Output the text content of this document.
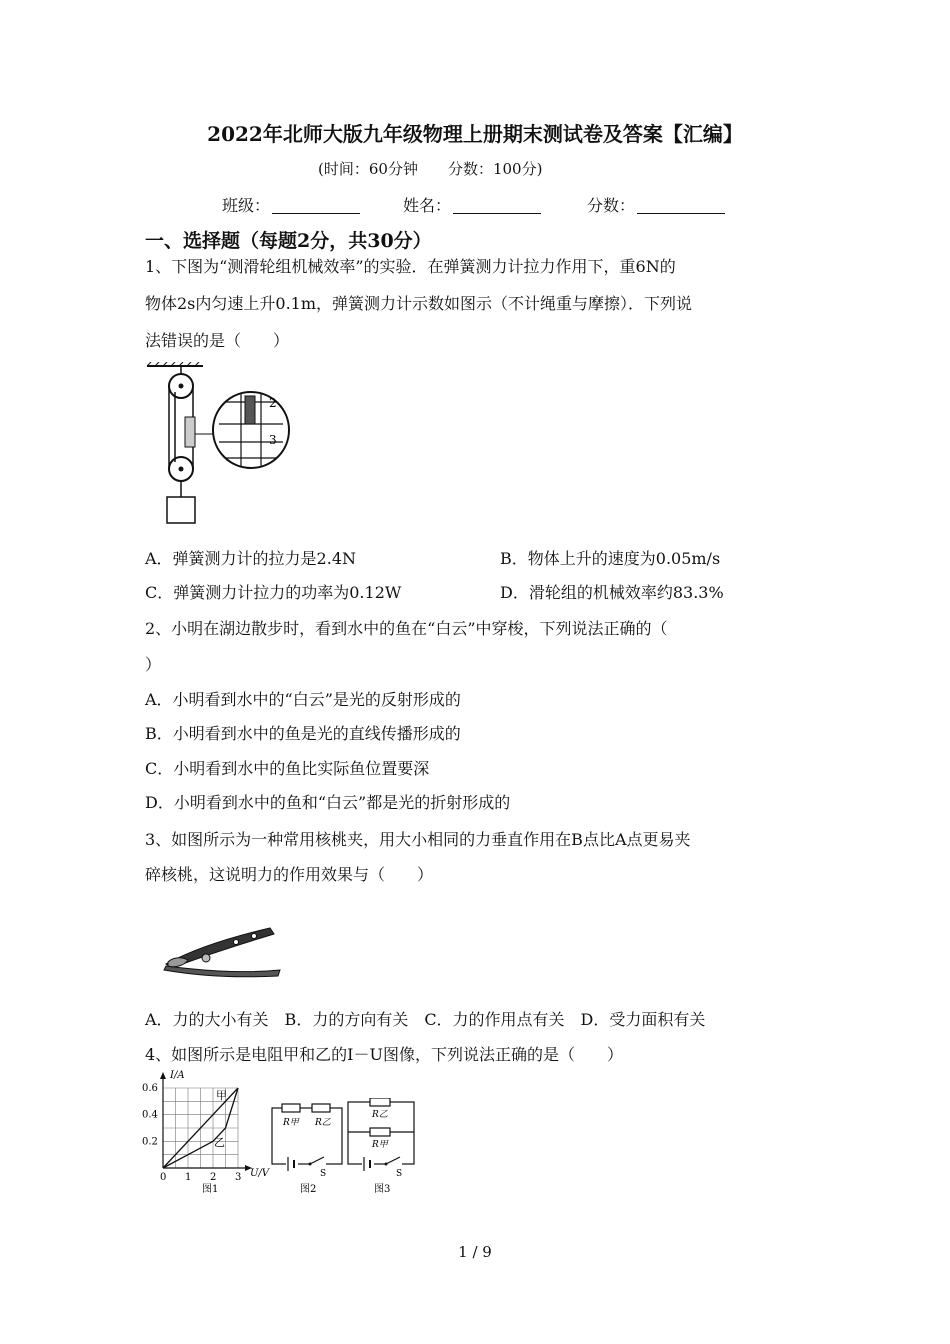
2022年北师大版九年级物理上册期末测试卷及答案【汇编】
(时间：60分钟　　分数：100分)
班级：	姓名：	分数：
一、选择题（每题2分，共30分）
1、下图为“测滑轮组机械效率”的实验．在弹簧测力计拉力作用下，重6N的
物体2s内匀速上升0.1m，弹簧测力计示数如图示（不计绳重与摩擦）．下列说
法错误的是（　　）
2
3
A．弹簧测力计的拉力是2.4N	B．物体上升的速度为0.05m/s
C．弹簧测力计拉力的功率为0.12W	D．滑轮组的机械效率约83.3%
2、小明在湖边散步时，看到水中的鱼在“白云”中穿梭，下列说法正确的（
）
A．小明看到水中的“白云”是光的反射形成的
B．小明看到水中的鱼是光的直线传播形成的
C．小明看到水中的鱼比实际鱼位置要深
D．小明看到水中的鱼和“白云”都是光的折射形成的
3、如图所示为一种常用核桃夹，用大小相同的力垂直作用在B点比A点更易夹
碎核桃，这说明力的作用效果与（　　）
A．力的大小有关　B．力的方向有关　C．力的作用点有关　D．受力面积有关
4、如图所示是电阻甲和乙的I－U图像，下列说法正确的是（　　）
0.2
0.4
0.6
0 1 2 3
I/A
U/V
甲
乙
图1
R甲 R乙
S
图2
R乙
R甲
S
图3
1 / 9
